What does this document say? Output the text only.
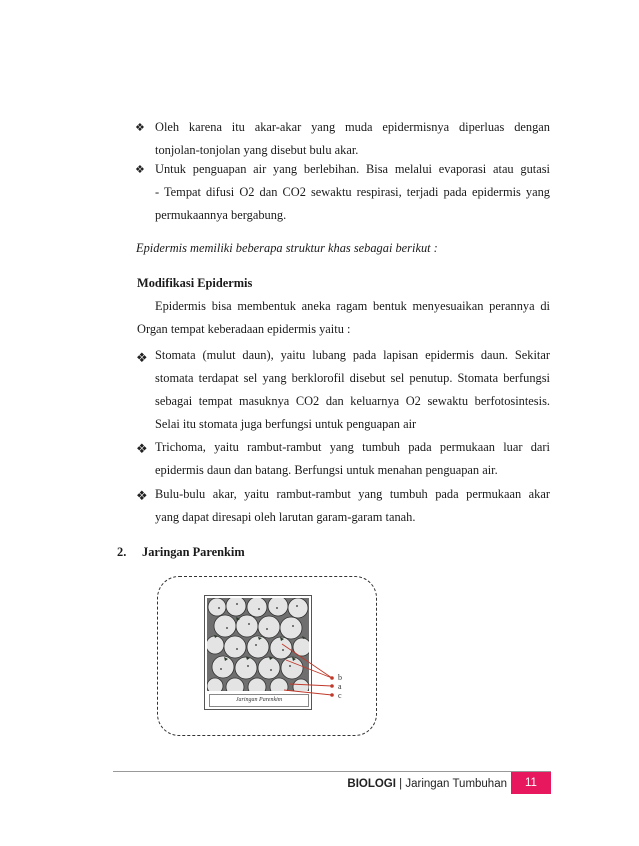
❖ Oleh karena itu akar-akar yang muda epidermisnya diperluas dengan
tonjolan-tonjolan yang disebut bulu akar.
❖ Untuk penguapan air yang berlebihan. Bisa melalui evaporasi atau gutasi
- Tempat difusi O2 dan CO2 sewaktu respirasi, terjadi pada epidermis yang
permukaannya bergabung.
Epidermis memiliki beberapa struktur khas sebagai berikut :
Modifikasi Epidermis
Epidermis bisa membentuk aneka ragam bentuk menyesuaikan perannya di
Organ tempat keberadaan epidermis yaitu :
❖ Stomata (mulut daun), yaitu lubang pada lapisan epidermis daun. Sekitar
stomata terdapat sel yang berklorofil disebut sel penutup. Stomata berfungsi
sebagai tempat masuknya CO2 dan keluarnya O2 sewaktu berfotosintesis.
Selai itu stomata juga berfungsi untuk penguapan air
❖ Trichoma, yaitu rambut-rambut yang tumbuh pada permukaan luar dari
epidermis daun dan batang. Berfungsi untuk menahan penguapan air.
❖ Bulu-bulu akar, yaitu rambut-rambut yang tumbuh pada permukaan akar
yang dapat diresapi oleh larutan garam-garam tanah.
2.	Jaringan Parenkim
Jaringan Parenkim
b
a
c
BIOLOGI | Jaringan Tumbuhan	11
